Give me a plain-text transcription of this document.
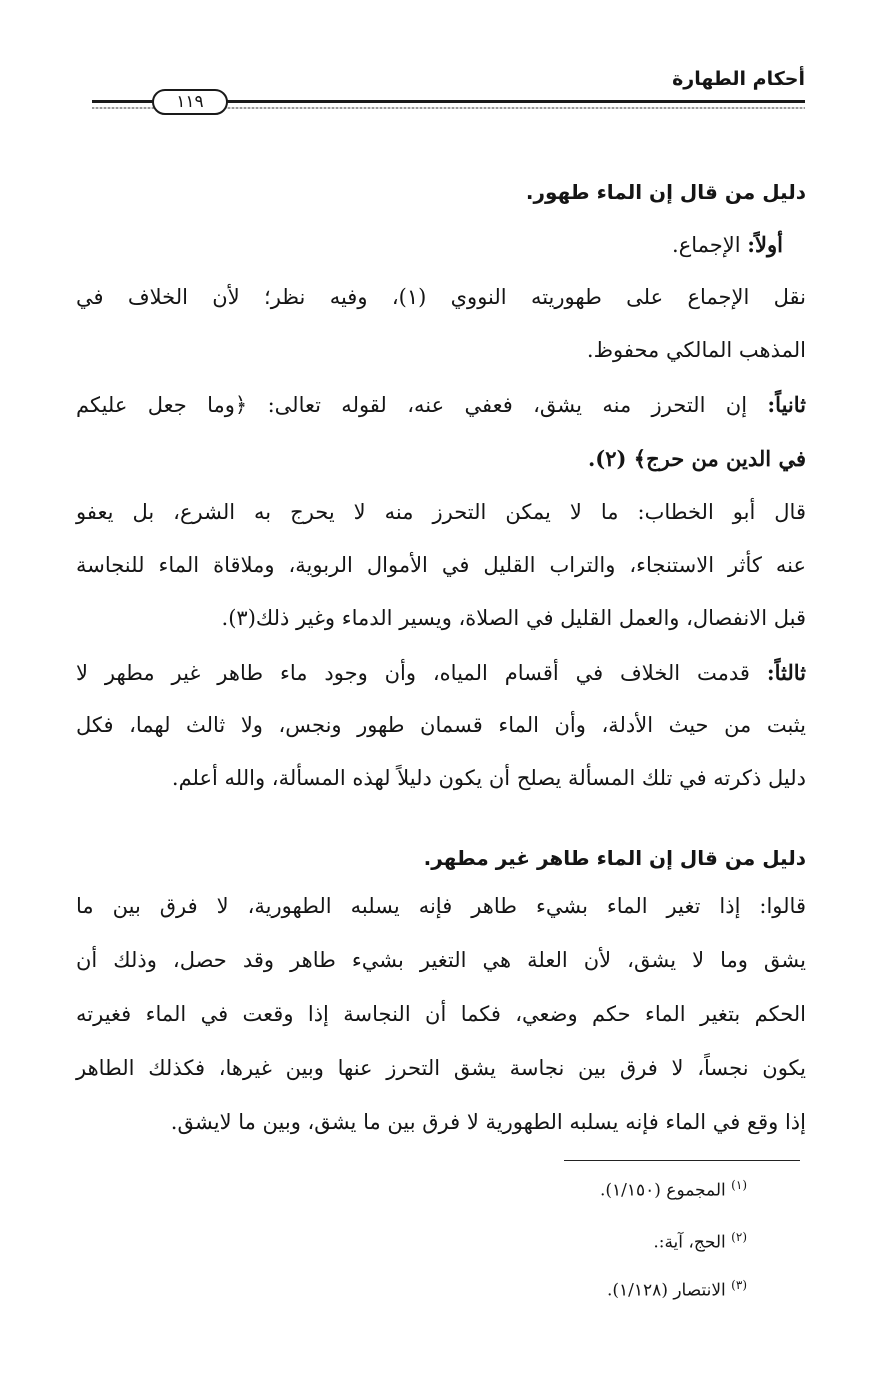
أحكام الطهارة
١١٩
دليل من قال إن الماء طهور.
أولاً: الإجماع.
نقل الإجماع على طهوريته النووي (١)، وفيه نظر؛ لأن الخلاف في
المذهب المالكي محفوظ.
ثانياً: إن التحرز منه يشق، فعفي عنه، لقوله تعالى: ﴿وما جعل عليكم
في الدين من حرج﴾ (٢).
قال أبو الخطاب: ما لا يمكن التحرز منه لا يحرج به الشرع، بل يعفو
عنه كأثر الاستنجاء، والتراب القليل في الأموال الربوية، وملاقاة الماء للنجاسة
قبل الانفصال، والعمل القليل في الصلاة، ويسير الدماء وغير ذلك(٣).
ثالثاً: قدمت الخلاف في أقسام المياه، وأن وجود ماء طاهر غير مطهر لا
يثبت من حيث الأدلة، وأن الماء قسمان طهور ونجس، ولا ثالث لهما، فكل
دليل ذكرته في تلك المسألة يصلح أن يكون دليلاً لهذه المسألة، والله أعلم.
دليل من قال إن الماء طاهر غير مطهر.
قالوا: إذا تغير الماء بشيء طاهر فإنه يسلبه الطهورية، لا فرق بين ما
يشق وما لا يشق، لأن العلة هي التغير بشيء طاهر وقد حصل، وذلك أن
الحكم بتغير الماء حكم وضعي، فكما أن النجاسة إذا وقعت في الماء فغيرته
يكون نجساً، لا فرق بين نجاسة يشق التحرز عنها وبين غيرها، فكذلك الطاهر
إذا وقع في الماء فإنه يسلبه الطهورية لا فرق بين ما يشق، وبين ما لايشق.
$^{(١)}$ المجموع (١/١٥٠).
$^{(٢)}$ الحج، آية:.
$^{(٣)}$ الانتصار (١/١٢٨).
